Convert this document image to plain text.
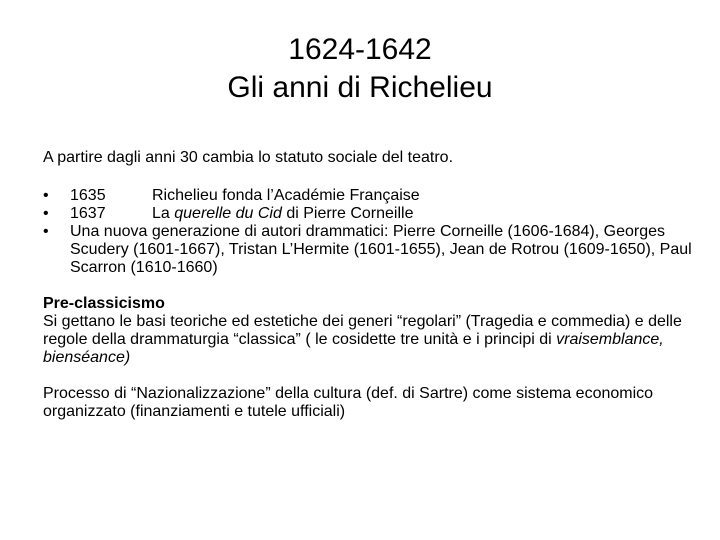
1624-1642
Gli anni di Richelieu

A partire dagli anni 30 cambia lo statuto sociale del teatro.

•	1635	Richelieu fonda l’Académie Française
•	1637	La querelle du Cid di Pierre Corneille
•	Una nuova generazione di autori drammatici: Pierre Corneille (1606-1684), Georges Scudery (1601-1667), Tristan L’Hermite (1601-1655), Jean de Rotrou (1609-1650), Paul Scarron (1610-1660)
Pre-classicismo
Si gettano le basi teoriche ed estetiche dei generi “regolari” (Tragedia e commedia) e delle regole della drammaturgia “classica” ( le cosidette tre unità e i principi di vraisemblance, bienséance)
Processo di “Nazionalizzazione” della cultura (def. di Sartre) come sistema economico organizzato (finanziamenti e tutele ufficiali)
